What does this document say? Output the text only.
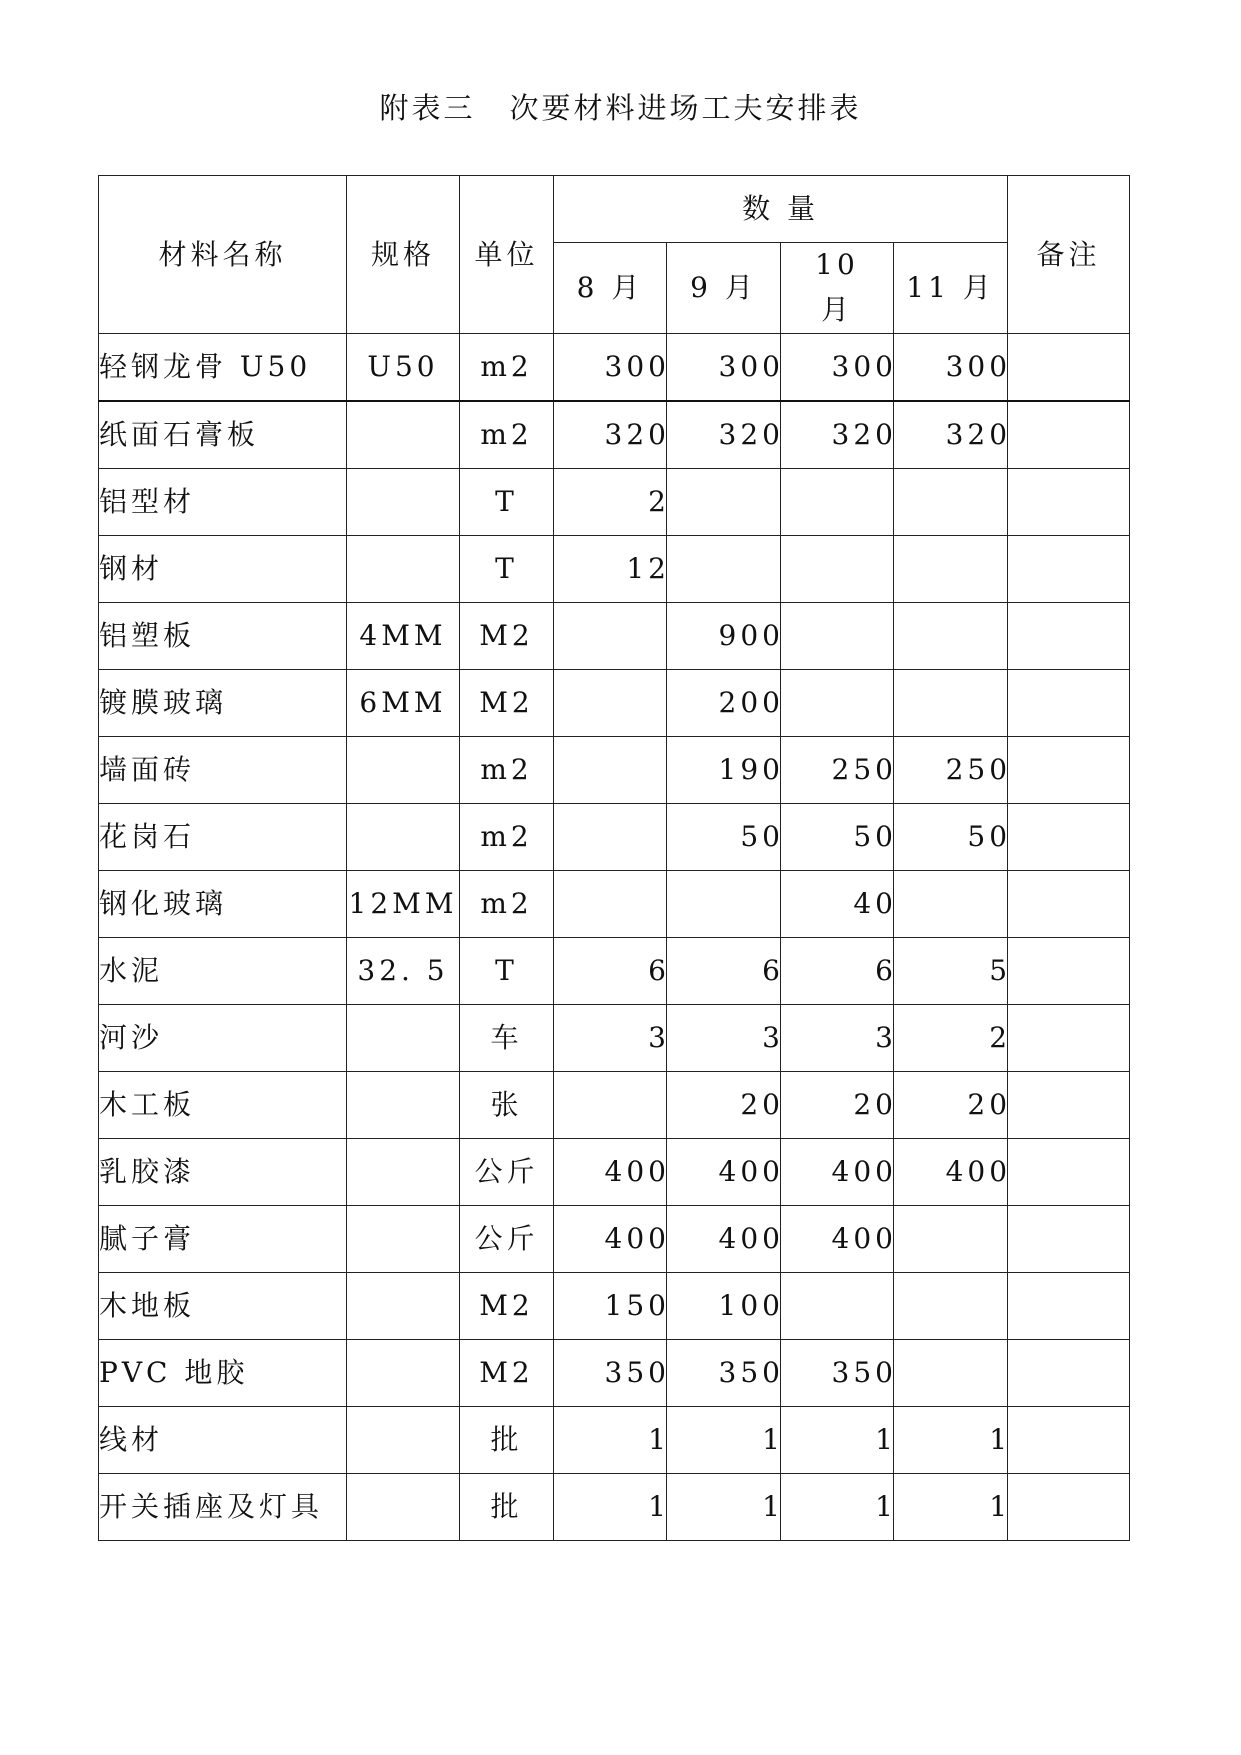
附表三 次要材料进场工夫安排表
材料名称	规格	单位	数 量				备注
			8 月	9 月	10 月	11 月	
轻钢龙骨 U50	U50	m2	300	300	300	300	
纸面石膏板		m2	320	320	320	320	
铝型材		T	2				
钢材		T	12				
铝塑板	4MM	M2		900			
镀膜玻璃	6MM	M2		200			
墙面砖		m2		190	250	250	
花岗石		m2		50	50	50	
钢化玻璃	12MM	m2			40		
水泥	32. 5	T	6	6	6	5	
河沙		车	3	3	3	2	
木工板		张		20	20	20	
乳胶漆		公斤	400	400	400	400	
腻子膏		公斤	400	400	400		
木地板		M2	150	100			
PVC 地胶		M2	350	350	350		
线材		批	1	1	1	1	
开关插座及灯具		批	1	1	1	1	
